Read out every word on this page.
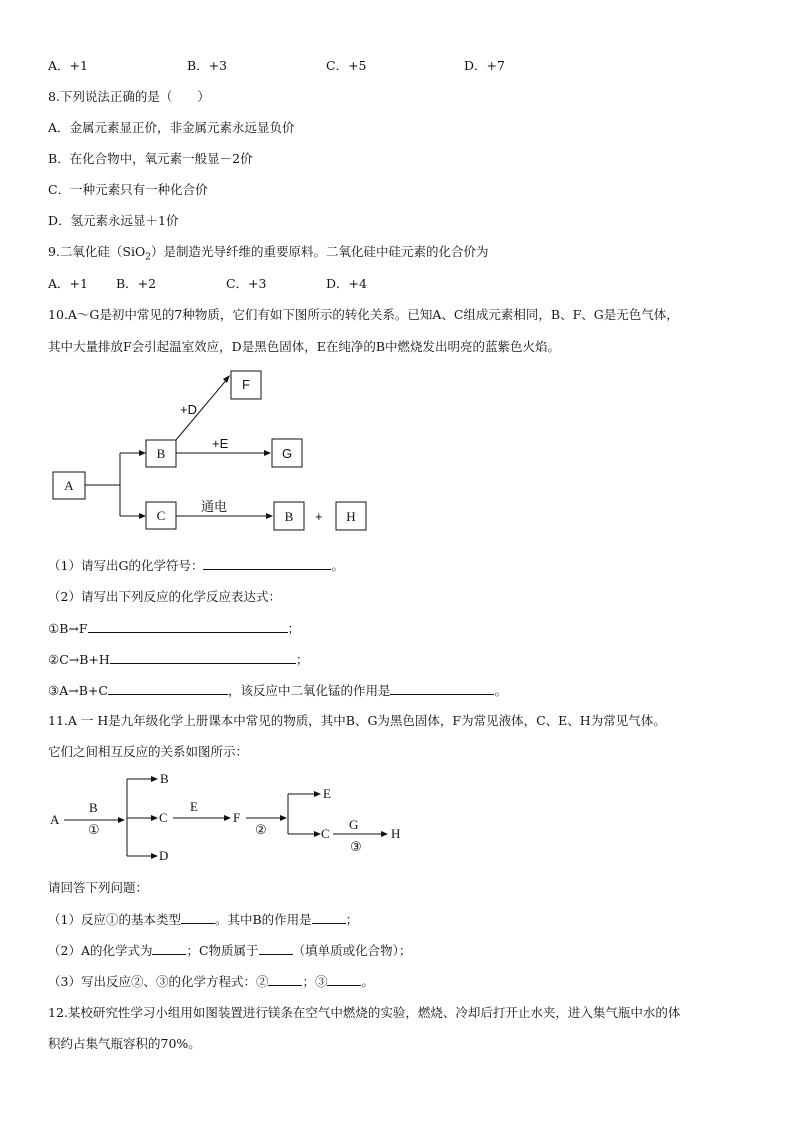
A．+1	B．+3	C．+5	D．+7
8.下列说法正确的是（　　）
A．金属元素显正价，非金属元素永远显负价
B．在化合物中，氧元素一般显－2价
C．一种元素只有一种化合价
D．氢元素永远显＋1价
9.二氧化硅（SiO$_2$）是制造光导纤维的重要原料。二氧化硅中硅元素的化合价为
A．+1 B．+2	C．+3	D．+4
10.A～G是初中常见的7种物质，它们有如下图所示的转化关系。已知A、C组成元素相同，B、F、G是无色气体，
其中大量排放F会引起温室效应，D是黑色固体，E在纯净的B中燃烧发出明亮的蓝紫色火焰。
A
B
C
+D
F
+E
G
通电
B + H
A
B
①
B
C
D
E
F
②
E
C
G
③
H
（1）请写出G的化学符号：	。
（2）请写出下列反应的化学反应表达式：
①B→F	；
②C→B+H	；
③A→B+C	，该反应中二氧化锰的作用是	。
11.A 一 H是九年级化学上册课本中常见的物质，其中B、G为黑色固体，F为常见液体，C、E、H为常见气体。
它们之间相互反应的关系如图所示：
请回答下列问题：
（1）反应①的基本类型	。其中B的作用是	；
（2）A的化学式为	；C物质属于	（填单质或化合物）；
（3）写出反应②、③的化学方程式：②	；③	。
12.某校研究性学习小组用如图装置进行镁条在空气中燃烧的实验，燃烧、冷却后打开止水夹，进入集气瓶中水的体
积约占集气瓶容积的70%。
